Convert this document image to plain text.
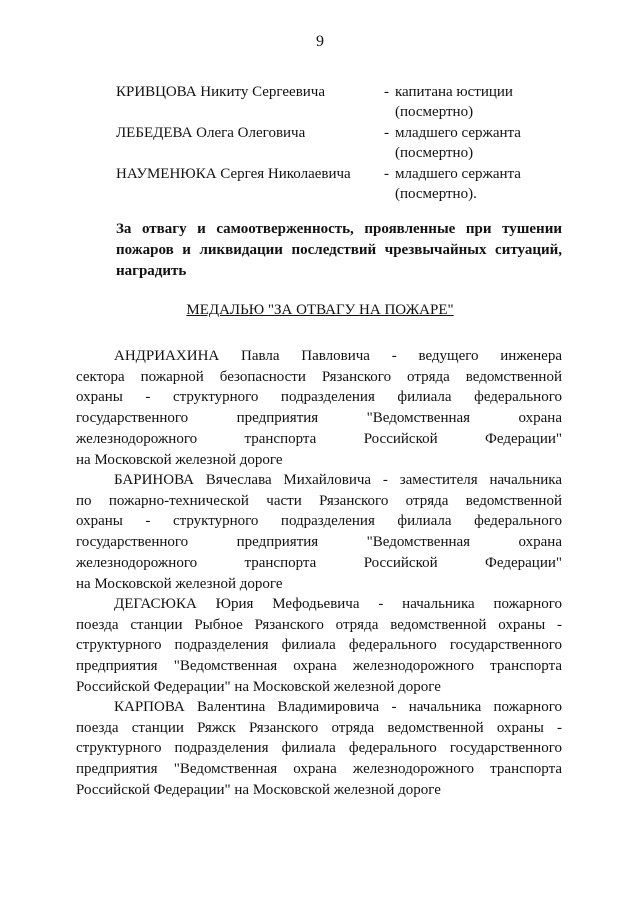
9
КРИВЦОВА Никиту Сергеевича	- капитана юстиции
(посмертно)
ЛЕБЕДЕВА Олега Олеговича	- младшего сержанта
(посмертно)
НАУМЕНЮКА Сергея Николаевича - младшего сержанта
(посмертно).
За отвагу и самоотверженность, проявленные при тушении
пожаров и ликвидации последствий чрезвычайных ситуаций,
наградить
МЕДАЛЬЮ "ЗА ОТВАГУ НА ПОЖАРЕ"
АНДРИАХИНА Павла Павловича - ведущего инженера
сектора пожарной безопасности Рязанского отряда ведомственной
охраны - структурного подразделения филиала федерального
государственного предприятия "Ведомственная охрана
железнодорожного транспорта Российской Федерации"
на Московской железной дороге
БАРИНОВА Вячеслава Михайловича - заместителя начальника
по пожарно-технической части Рязанского отряда ведомственной
охраны - структурного подразделения филиала федерального
государственного предприятия "Ведомственная охрана
железнодорожного транспорта Российской Федерации"
на Московской железной дороге
ДЕГАСЮКА Юрия Мефодьевича - начальника пожарного
поезда станции Рыбное Рязанского отряда ведомственной охраны -
структурного подразделения филиала федерального государственного
предприятия "Ведомственная охрана железнодорожного транспорта
Российской Федерации" на Московской железной дороге
КАРПОВА Валентина Владимировича - начальника пожарного
поезда станции Ряжск Рязанского отряда ведомственной охраны -
структурного подразделения филиала федерального государственного
предприятия "Ведомственная охрана железнодорожного транспорта
Российской Федерации" на Московской железной дороге
